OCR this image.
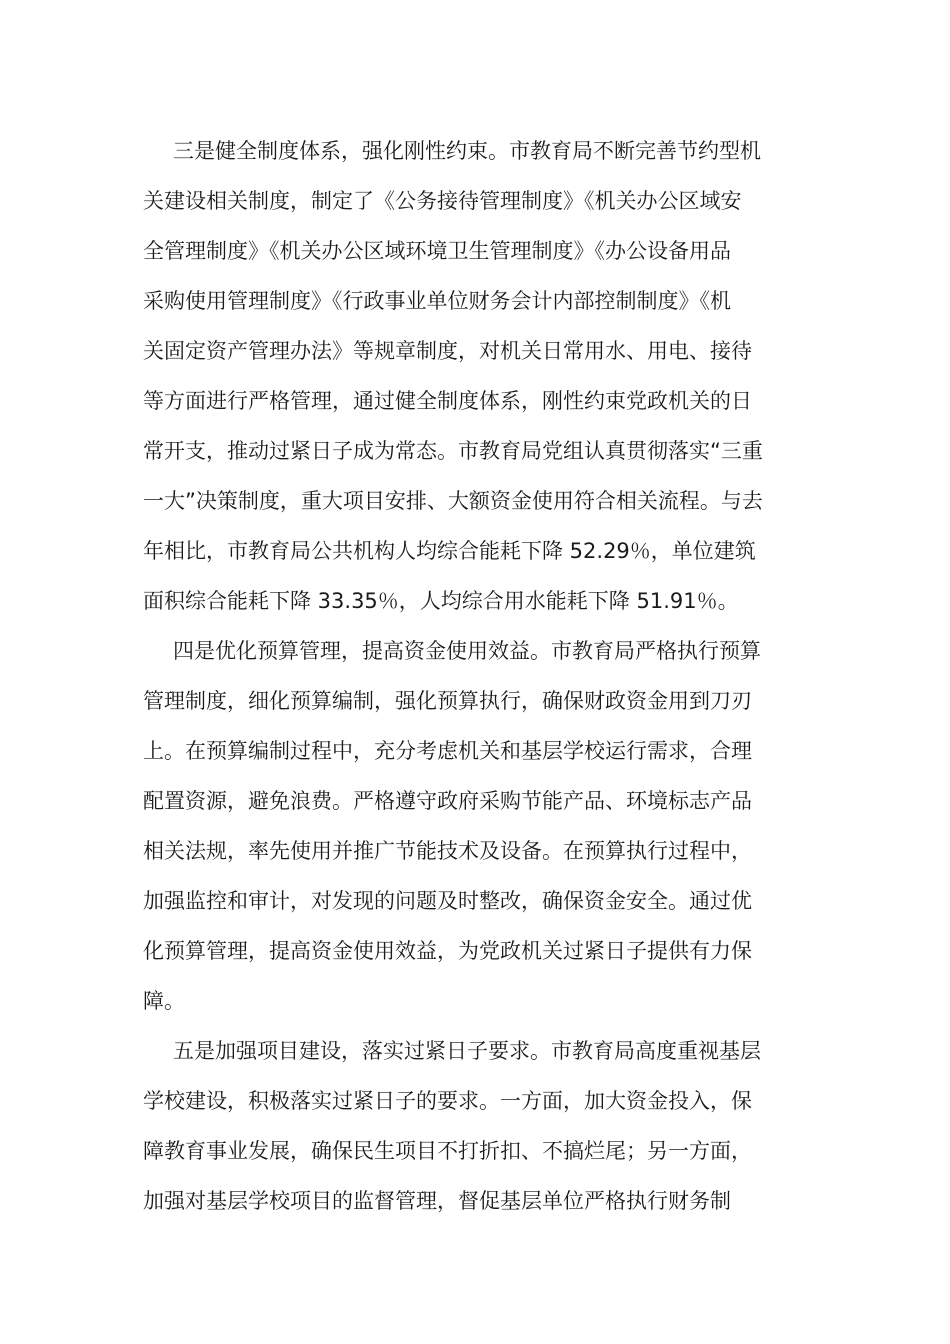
三是健全制度体系，强化刚性约束。市教育局不断完善节约型机
关建设相关制度，制定了《公务接待管理制度》《机关办公区域安
全管理制度》《机关办公区域环境卫生管理制度》《办公设备用品
采购使用管理制度》《行政事业单位财务会计内部控制制度》《机
关固定资产管理办法》等规章制度，对机关日常用水、用电、接待
等方面进行严格管理，通过健全制度体系，刚性约束党政机关的日
常开支，推动过紧日子成为常态。市教育局党组认真贯彻落实“三重
一大”决策制度，重大项目安排、大额资金使用符合相关流程。与去
年相比，市教育局公共机构人均综合能耗下降 52.29％，单位建筑
面积综合能耗下降 33.35％，人均综合用水能耗下降 51.91％。
四是优化预算管理，提高资金使用效益。市教育局严格执行预算
管理制度，细化预算编制，强化预算执行，确保财政资金用到刀刃
上。在预算编制过程中，充分考虑机关和基层学校运行需求，合理
配置资源，避免浪费。严格遵守政府采购节能产品、环境标志产品
相关法规，率先使用并推广节能技术及设备。在预算执行过程中，
加强监控和审计，对发现的问题及时整改，确保资金安全。通过优
化预算管理，提高资金使用效益，为党政机关过紧日子提供有力保
障。
五是加强项目建设，落实过紧日子要求。市教育局高度重视基层
学校建设，积极落实过紧日子的要求。一方面，加大资金投入，保
障教育事业发展，确保民生项目不打折扣、不搞烂尾；另一方面，
加强对基层学校项目的监督管理，督促基层单位严格执行财务制
